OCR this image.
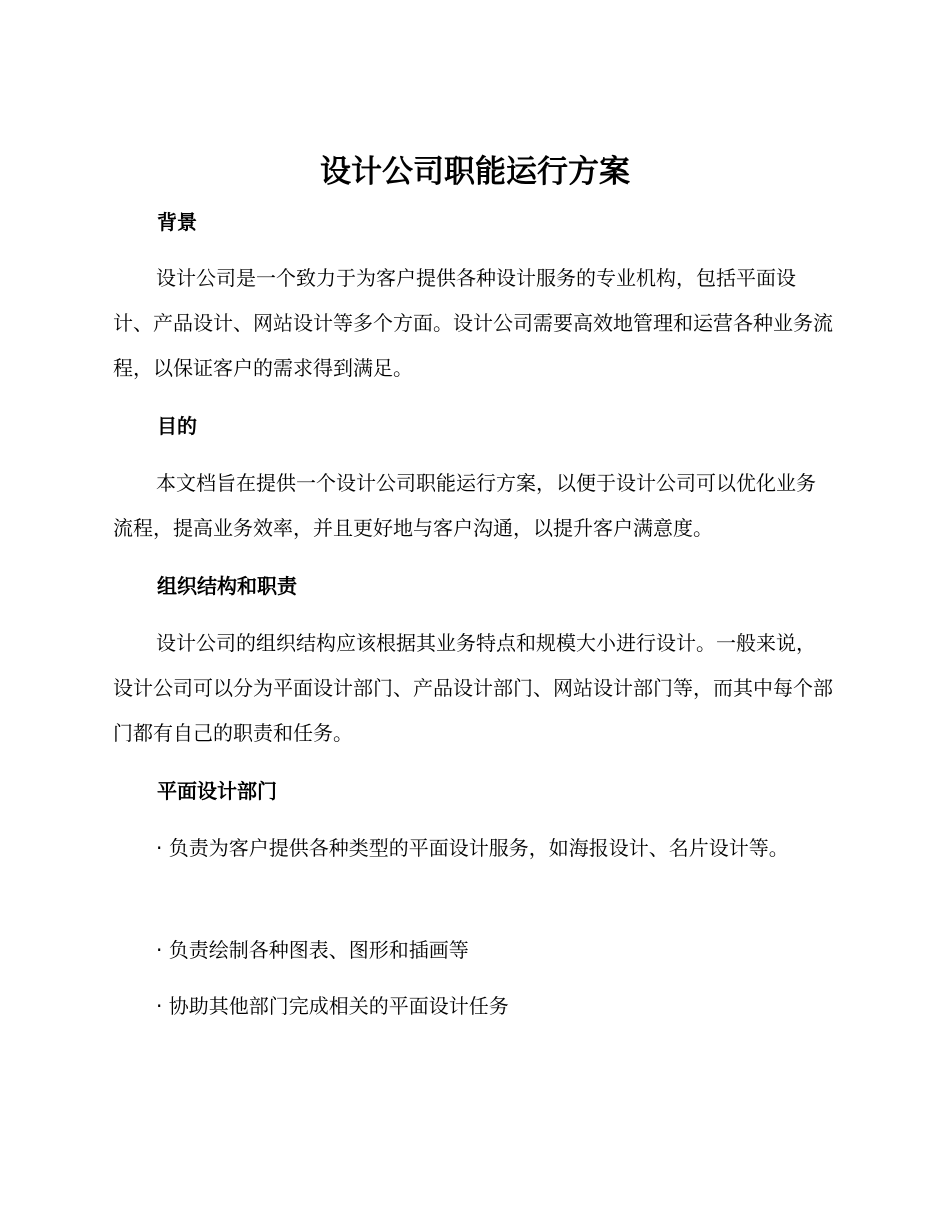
设计公司职能运行方案
背景
设计公司是一个致力于为客户提供各种设计服务的专业机构，包括平面设计、产品设计、网站设计等多个方面。设计公司需要高效地管理和运营各种业务流程，以保证客户的需求得到满足。
目的
本文档旨在提供一个设计公司职能运行方案，以便于设计公司可以优化业务流程，提高业务效率，并且更好地与客户沟通，以提升客户满意度。
组织结构和职责
设计公司的组织结构应该根据其业务特点和规模大小进行设计。一般来说，设计公司可以分为平面设计部门、产品设计部门、网站设计部门等，而其中每个部门都有自己的职责和任务。
平面设计部门
· 负责为客户提供各种类型的平面设计服务，如海报设计、名片设计等。
· 负责绘制各种图表、图形和插画等
· 协助其他部门完成相关的平面设计任务
